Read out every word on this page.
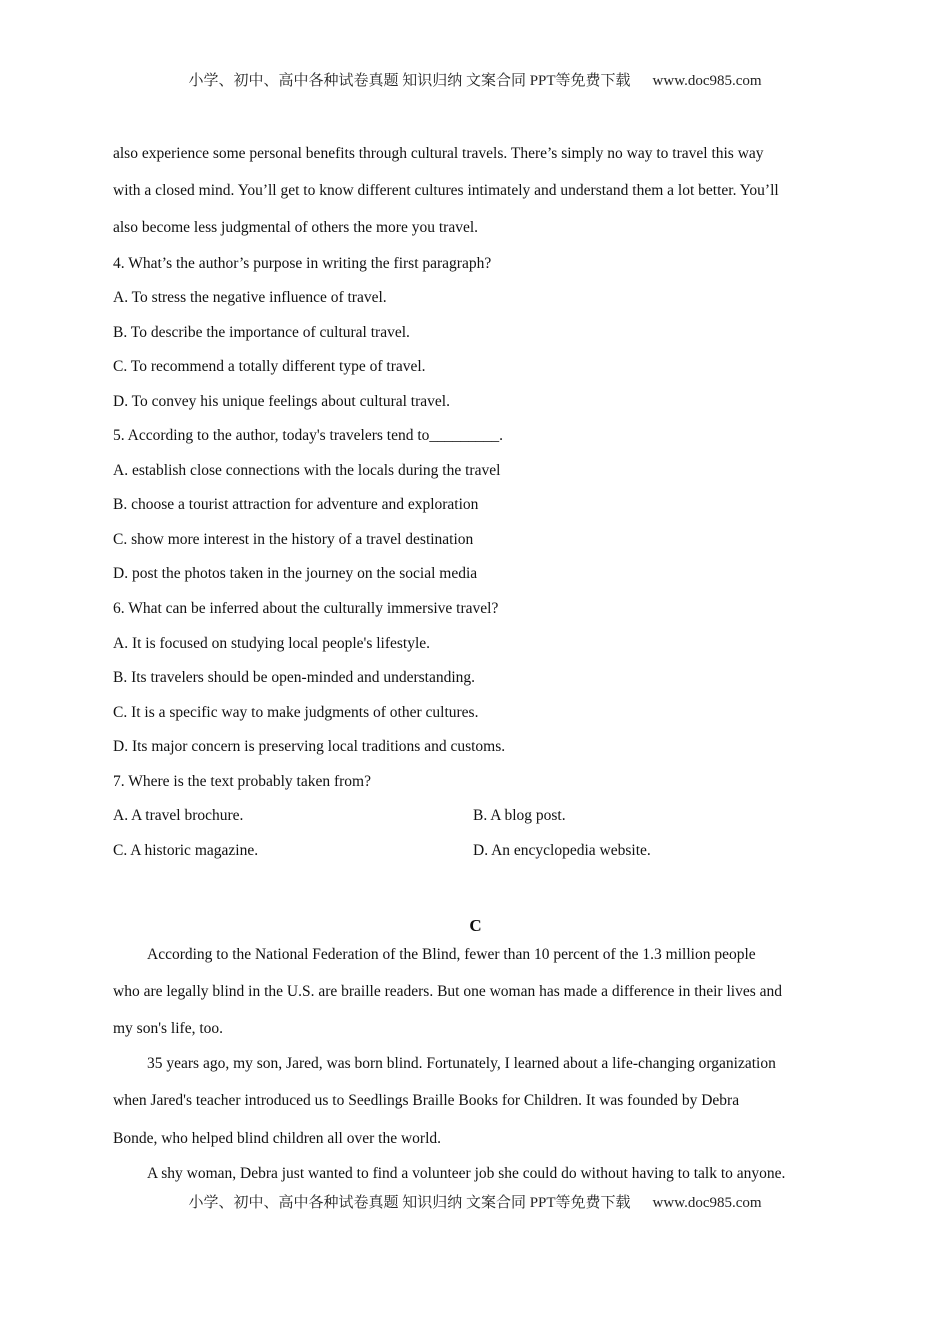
小学、初中、高中各种试卷真题 知识归纳 文案合同 PPT等免费下载 www.doc985.com
also experience some personal benefits through cultural travels. There’s simply no way to travel this way
with a closed mind. You’ll get to know different cultures intimately and understand them a lot better. You’ll
also become less judgmental of others the more you travel.
4. What’s the author’s purpose in writing the first paragraph?
A. To stress the negative influence of travel.
B. To describe the importance of cultural travel.
C. To recommend a totally different type of travel.
D. To convey his unique feelings about cultural travel.
5. According to the author, today's travelers tend to_________.
A. establish close connections with the locals during the travel
B. choose a tourist attraction for adventure and exploration
C. show more interest in the history of a travel destination
D. post the photos taken in the journey on the social media
6. What can be inferred about the culturally immersive travel?
A. It is focused on studying local people's lifestyle.
B. Its travelers should be open-minded and understanding.
C. It is a specific way to make judgments of other cultures.
D. Its major concern is preserving local traditions and customs.
7. Where is the text probably taken from?
A. A travel brochure.	B. A blog post.
C. A historic magazine.	D. An encyclopedia website.
C
According to the National Federation of the Blind, fewer than 10 percent of the 1.3 million people
who are legally blind in the U.S. are braille readers. But one woman has made a difference in their lives and
my son's life, too.
35 years ago, my son, Jared, was born blind. Fortunately, I learned about a life-changing organization
when Jared's teacher introduced us to Seedlings Braille Books for Children. It was founded by Debra
Bonde, who helped blind children all over the world.
A shy woman, Debra just wanted to find a volunteer job she could do without having to talk to anyone.
小学、初中、高中各种试卷真题 知识归纳 文案合同 PPT等免费下载 www.doc985.com
